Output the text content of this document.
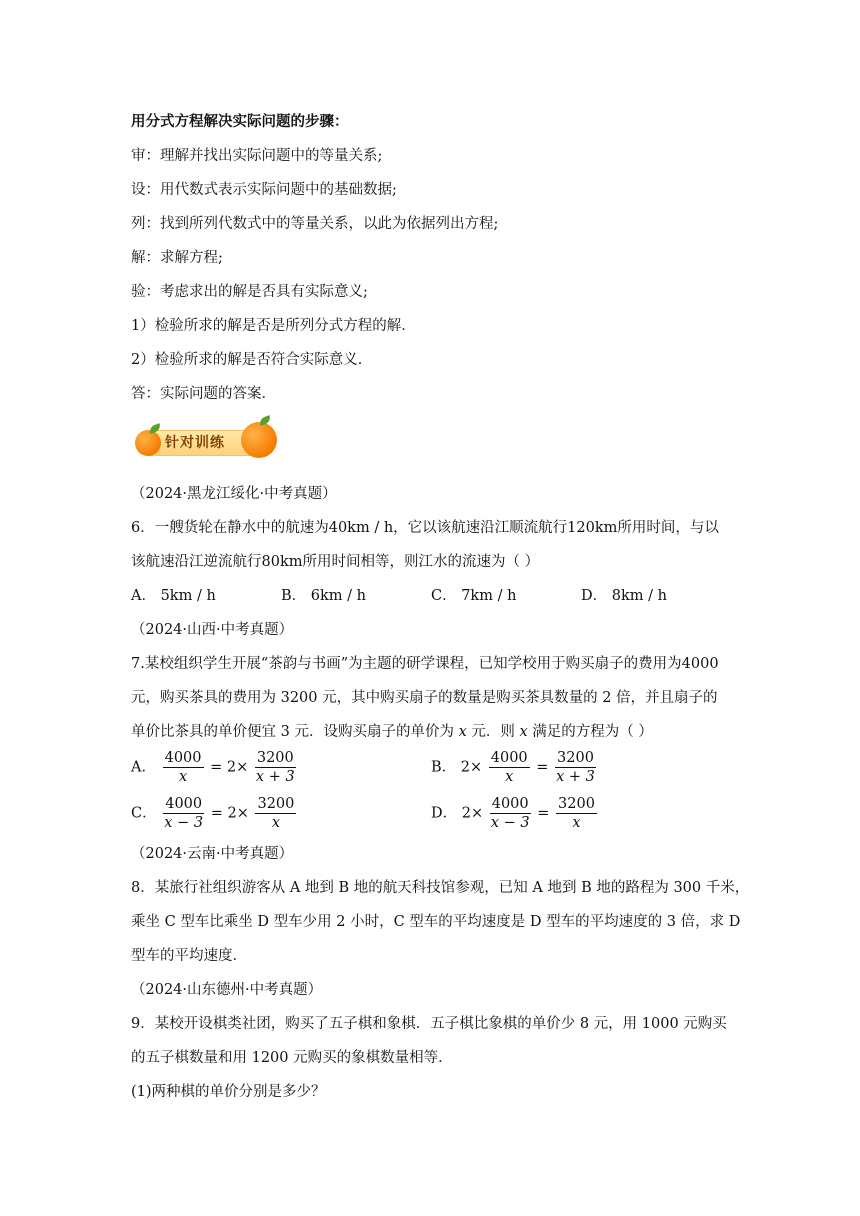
用分式方程解决实际问题的步骤：
审：理解并找出实际问题中的等量关系;
设：用代数式表示实际问题中的基础数据;
列：找到所列代数式中的等量关系，以此为依据列出方程;
解：求解方程;
验：考虑求出的解是否具有实际意义;
1）检验所求的解是否是所列分式方程的解．
2）检验所求的解是否符合实际意义．
答：实际问题的答案．
针对训练
（2024·黑龙江绥化·中考真题）
6．一艘货轮在静水中的航速为40km / h，它以该航速沿江顺流航行120km所用时间，与以
该航速沿江逆流航行80km所用时间相等，则江水的流速为（ ）
A． 5km / h	B． 6km / h	C． 7km / h	D． 8km / h
（2024·山西·中考真题）
7.某校组织学生开展“茶韵与书画”为主题的研学课程，已知学校用于购买扇子的费用为4000
元，购买茶具的费用为 3200 元，其中购买扇子的数量是购买茶具数量的 2 倍，并且扇子的
单价比茶具的单价便宜 3 元．设购买扇子的单价为 x 元．则 x 满足的方程为（ ）
A． $\frac{4000}{x} = 2\times \frac{3200}{x + 3}$	B． $2\times \frac{4000}{x} = \frac{3200}{x + 3}$
C． $\frac{4000}{x - 3} = 2\times \frac{3200}{x}$	D． $2\times \frac{4000}{x - 3} = \frac{3200}{x}$
（2024·云南·中考真题）
8．某旅行社组织游客从 A 地到 B 地的航天科技馆参观，已知 A 地到 B 地的路程为 300 千米，
乘坐 C 型车比乘坐 D 型车少用 2 小时，C 型车的平均速度是 D 型车的平均速度的 3 倍，求 D
型车的平均速度．
（2024·山东德州·中考真题）
9．某校开设棋类社团，购买了五子棋和象棋．五子棋比象棋的单价少 8 元，用 1000 元购买
的五子棋数量和用 1200 元购买的象棋数量相等．
(1)两种棋的单价分别是多少？
